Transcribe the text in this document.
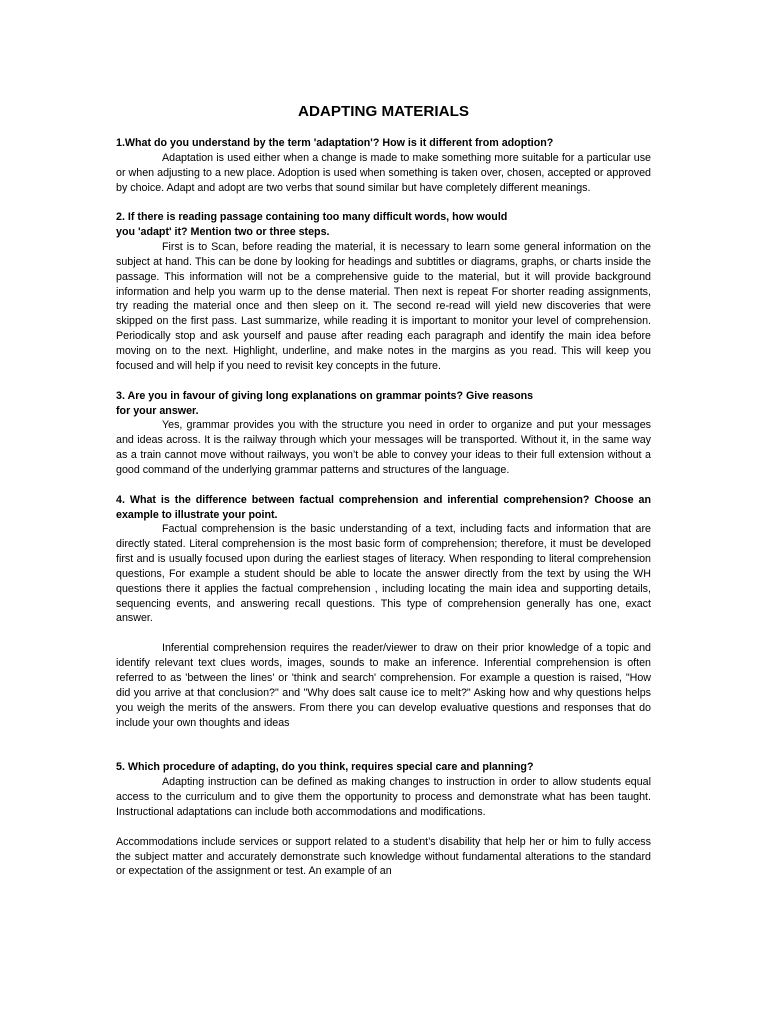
ADAPTING MATERIALS

1.What do you understand by the term 'adaptation'? How is it different from adoption?

Adaptation is used either when a change is made to make something more suitable for a particular use or when adjusting to a new place. Adoption is used when something is taken over, chosen, accepted or approved by choice. Adapt and adopt are two verbs that sound similar but have completely different meanings.

2. If there is reading passage containing too many difficult words, how would
you 'adapt' it? Mention two or three steps.

First is to Scan, before reading the material, it is necessary to learn some general information on the subject at hand. This can be done by looking for headings and subtitles or diagrams, graphs, or charts inside the passage. This information will not be a comprehensive guide to the material, but it will provide background information and help you warm up to the dense material. Then next is repeat For shorter reading assignments, try reading the material once and then sleep on it. The second re-read will yield new discoveries that were skipped on the first pass. Last summarize, while reading it is important to monitor your level of comprehension. Periodically stop and ask yourself and pause after reading each paragraph and identify the main idea before moving on to the next. Highlight, underline, and make notes in the margins as you read. This will keep you focused and will help if you need to revisit key concepts in the future.

3. Are you in favour of giving long explanations on grammar points? Give reasons
for your answer.

Yes, grammar provides you with the structure you need in order to organize and put your messages and ideas across. It is the railway through which your messages will be transported. Without it, in the same way as a train cannot move without railways, you won’t be able to convey your ideas to their full extension without a good command of the underlying grammar patterns and structures of the language.

4. What is the difference between factual comprehension and inferential comprehension? Choose an example to illustrate your point.

Factual comprehension is the basic understanding of a text, including facts and information that are directly stated. Literal comprehension is the most basic form of comprehension; therefore, it must be developed first and is usually focused upon during the earliest stages of literacy. When responding to literal comprehension questions, For example a student should be able to locate the answer directly from the text by using the WH questions there it applies the factual comprehension , including locating the main idea and supporting details, sequencing events, and answering recall questions. This type of comprehension generally has one, exact answer.

Inferential comprehension requires the reader/viewer to draw on their prior knowledge of a topic and identify relevant text clues words, images, sounds to make an inference. Inferential comprehension is often referred to as 'between the lines' or 'think and search' comprehension. For example a question is raised, "How did you arrive at that conclusion?" and "Why does salt cause ice to melt?" Asking how and why questions helps you weigh the merits of the answers. From there you can develop evaluative questions and responses that do include your own thoughts and ideas

5. Which procedure of adapting, do you think, requires special care and planning?

Adapting instruction can be defined as making changes to instruction in order to allow students equal access to the curriculum and to give them the opportunity to process and demonstrate what has been taught. Instructional adaptations can include both accommodations and modifications.

Accommodations include services or support related to a student’s disability that help her or him to fully access the subject matter and accurately demonstrate such knowledge without fundamental alterations to the standard or expectation of the assignment or test. An example of an
